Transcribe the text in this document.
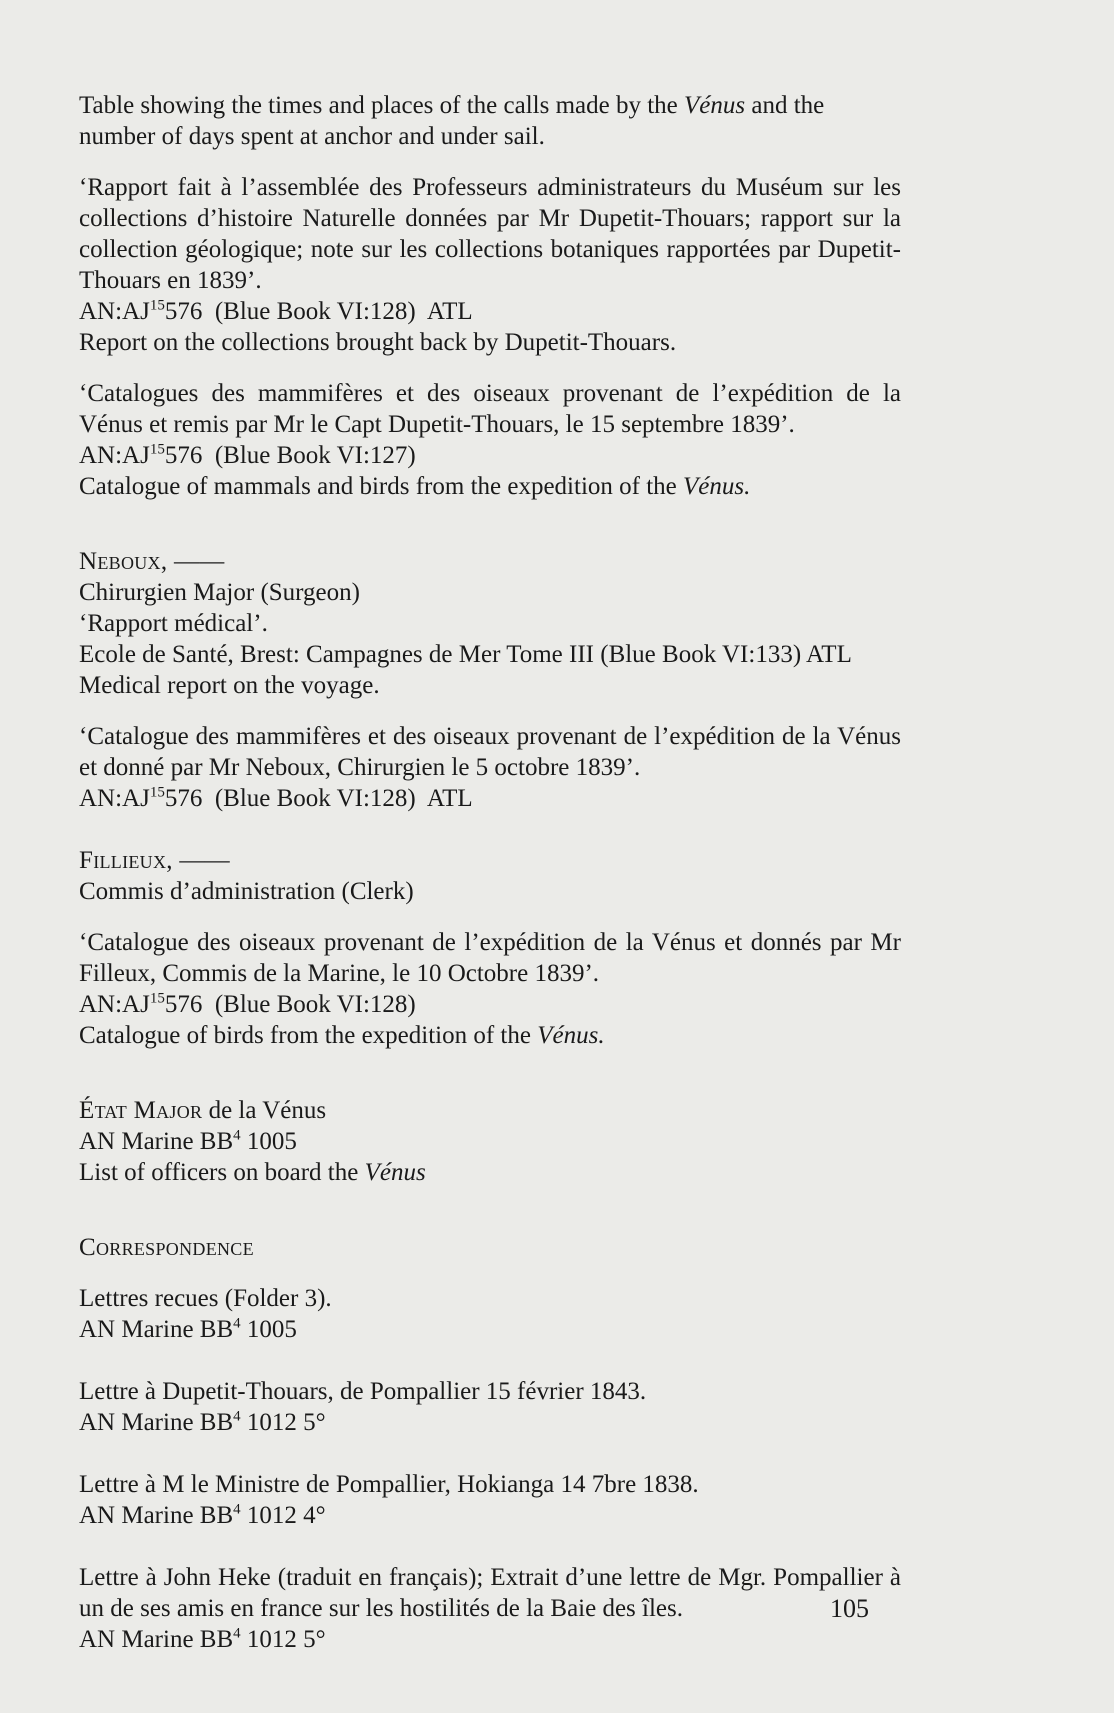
Table showing the times and places of the calls made by the Vénus and the

number of days spent at anchor and under sail.

‘Rapport fait à l’assemblée des Professeurs administrateurs du Muséum sur les collections d’histoire Naturelle données par Mr Dupetit-Thouars; rapport sur la collection géologique; note sur les collections botaniques rapportées par Dupetit-Thouars en 1839’.

AN:AJ$^{15}$576  (Blue Book VI:128)  ATL

Report on the collections brought back by Dupetit-Thouars.

‘Catalogues des mammifères et des oiseaux provenant de l’expédition de la Vénus et remis par Mr le Capt Dupetit-Thouars, le 15 septembre 1839’.

AN:AJ$^{15}$576  (Blue Book VI:127)

Catalogue of mammals and birds from the expedition of the Vénus.

Neboux, ——

Chirurgien Major (Surgeon)

‘Rapport médical’.

Ecole de Santé, Brest: Campagnes de Mer Tome III (Blue Book VI:133) ATL

Medical report on the voyage.

‘Catalogue des mammifères et des oiseaux provenant de l’expédition de la Vénus et donné par Mr Neboux, Chirurgien le 5 octobre 1839’.

AN:AJ$^{15}$576  (Blue Book VI:128)  ATL

Fillieux, ——

Commis d’administration (Clerk)

‘Catalogue des oiseaux provenant de l’expédition de la Vénus et donnés par Mr Filleux, Commis de la Marine, le 10 Octobre 1839’.

AN:AJ$^{15}$576  (Blue Book VI:128)

Catalogue of birds from the expedition of the Vénus.

État Major de la Vénus

AN Marine $BB^4$ 1005

List of officers on board the Vénus

Correspondence

Lettres recues (Folder 3).

AN Marine $BB^4$ 1005

Lettre à Dupetit-Thouars, de Pompallier 15 février 1843.

AN Marine $BB^4$ 1012 5°

Lettre à M le Ministre de Pompallier, Hokianga 14 7bre 1838.

AN Marine $BB^4$ 1012 4°

Lettre à John Heke (traduit en français); Extrait d’une lettre de Mgr. Pompallier à un de ses amis en france sur les hostilités de la Baie des îles.

AN Marine $BB^4$ 1012 5°

105
